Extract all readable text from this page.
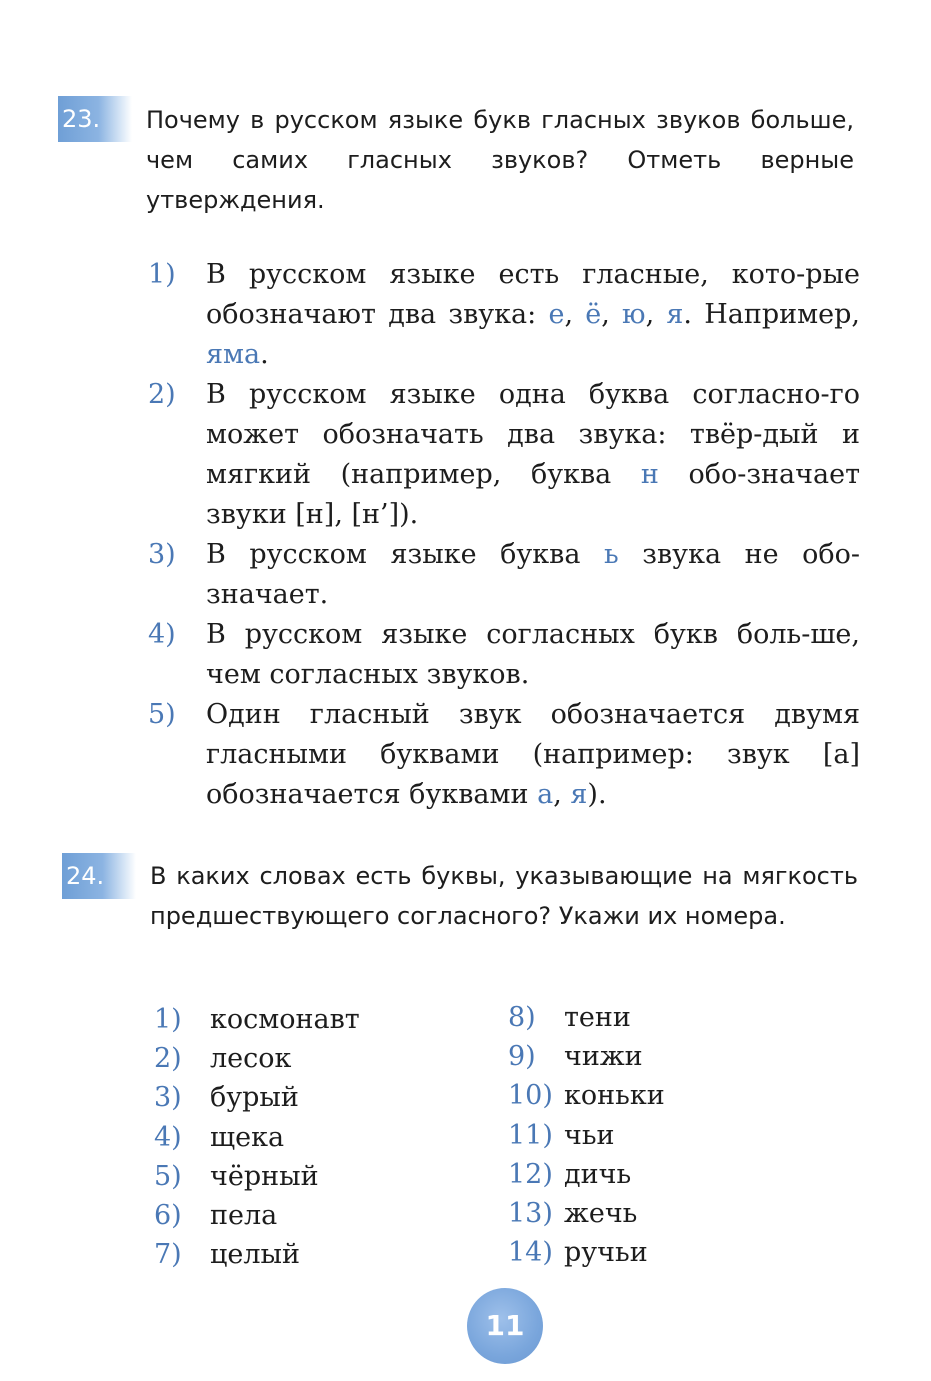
23.	Почему в русском языке букв гласных звуков больше, чем самих гласных звуков? Отметь верные утверждения.
1) В русском языке есть гласные, кото-рые обозначают два звука: е, ё, ю, я. Например, яма.
2) В русском языке одна буква согласно-го может обозначать два звука: твёр-дый и мягкий (например, буква н обо-значает звуки [н], [н’]).
3) В русском языке буква ь звука не обо-значает.
4) В русском языке согласных букв боль-ше, чем согласных звуков.
5) Один гласный звук обозначается двумя гласными буквами (например: звук [а] обозначается буквами а, я).
24.	В каких словах есть буквы, указывающие на мягкость предшествующего согласного? Укажи их номера.
1) космонавт
2) лесок
3) бурый
4) щека
5) чёрный
6) пела
7) целый
8) тени
9) чижи
10) коньки
11) чьи
12) дичь
13) жечь
14) ручьи
11
